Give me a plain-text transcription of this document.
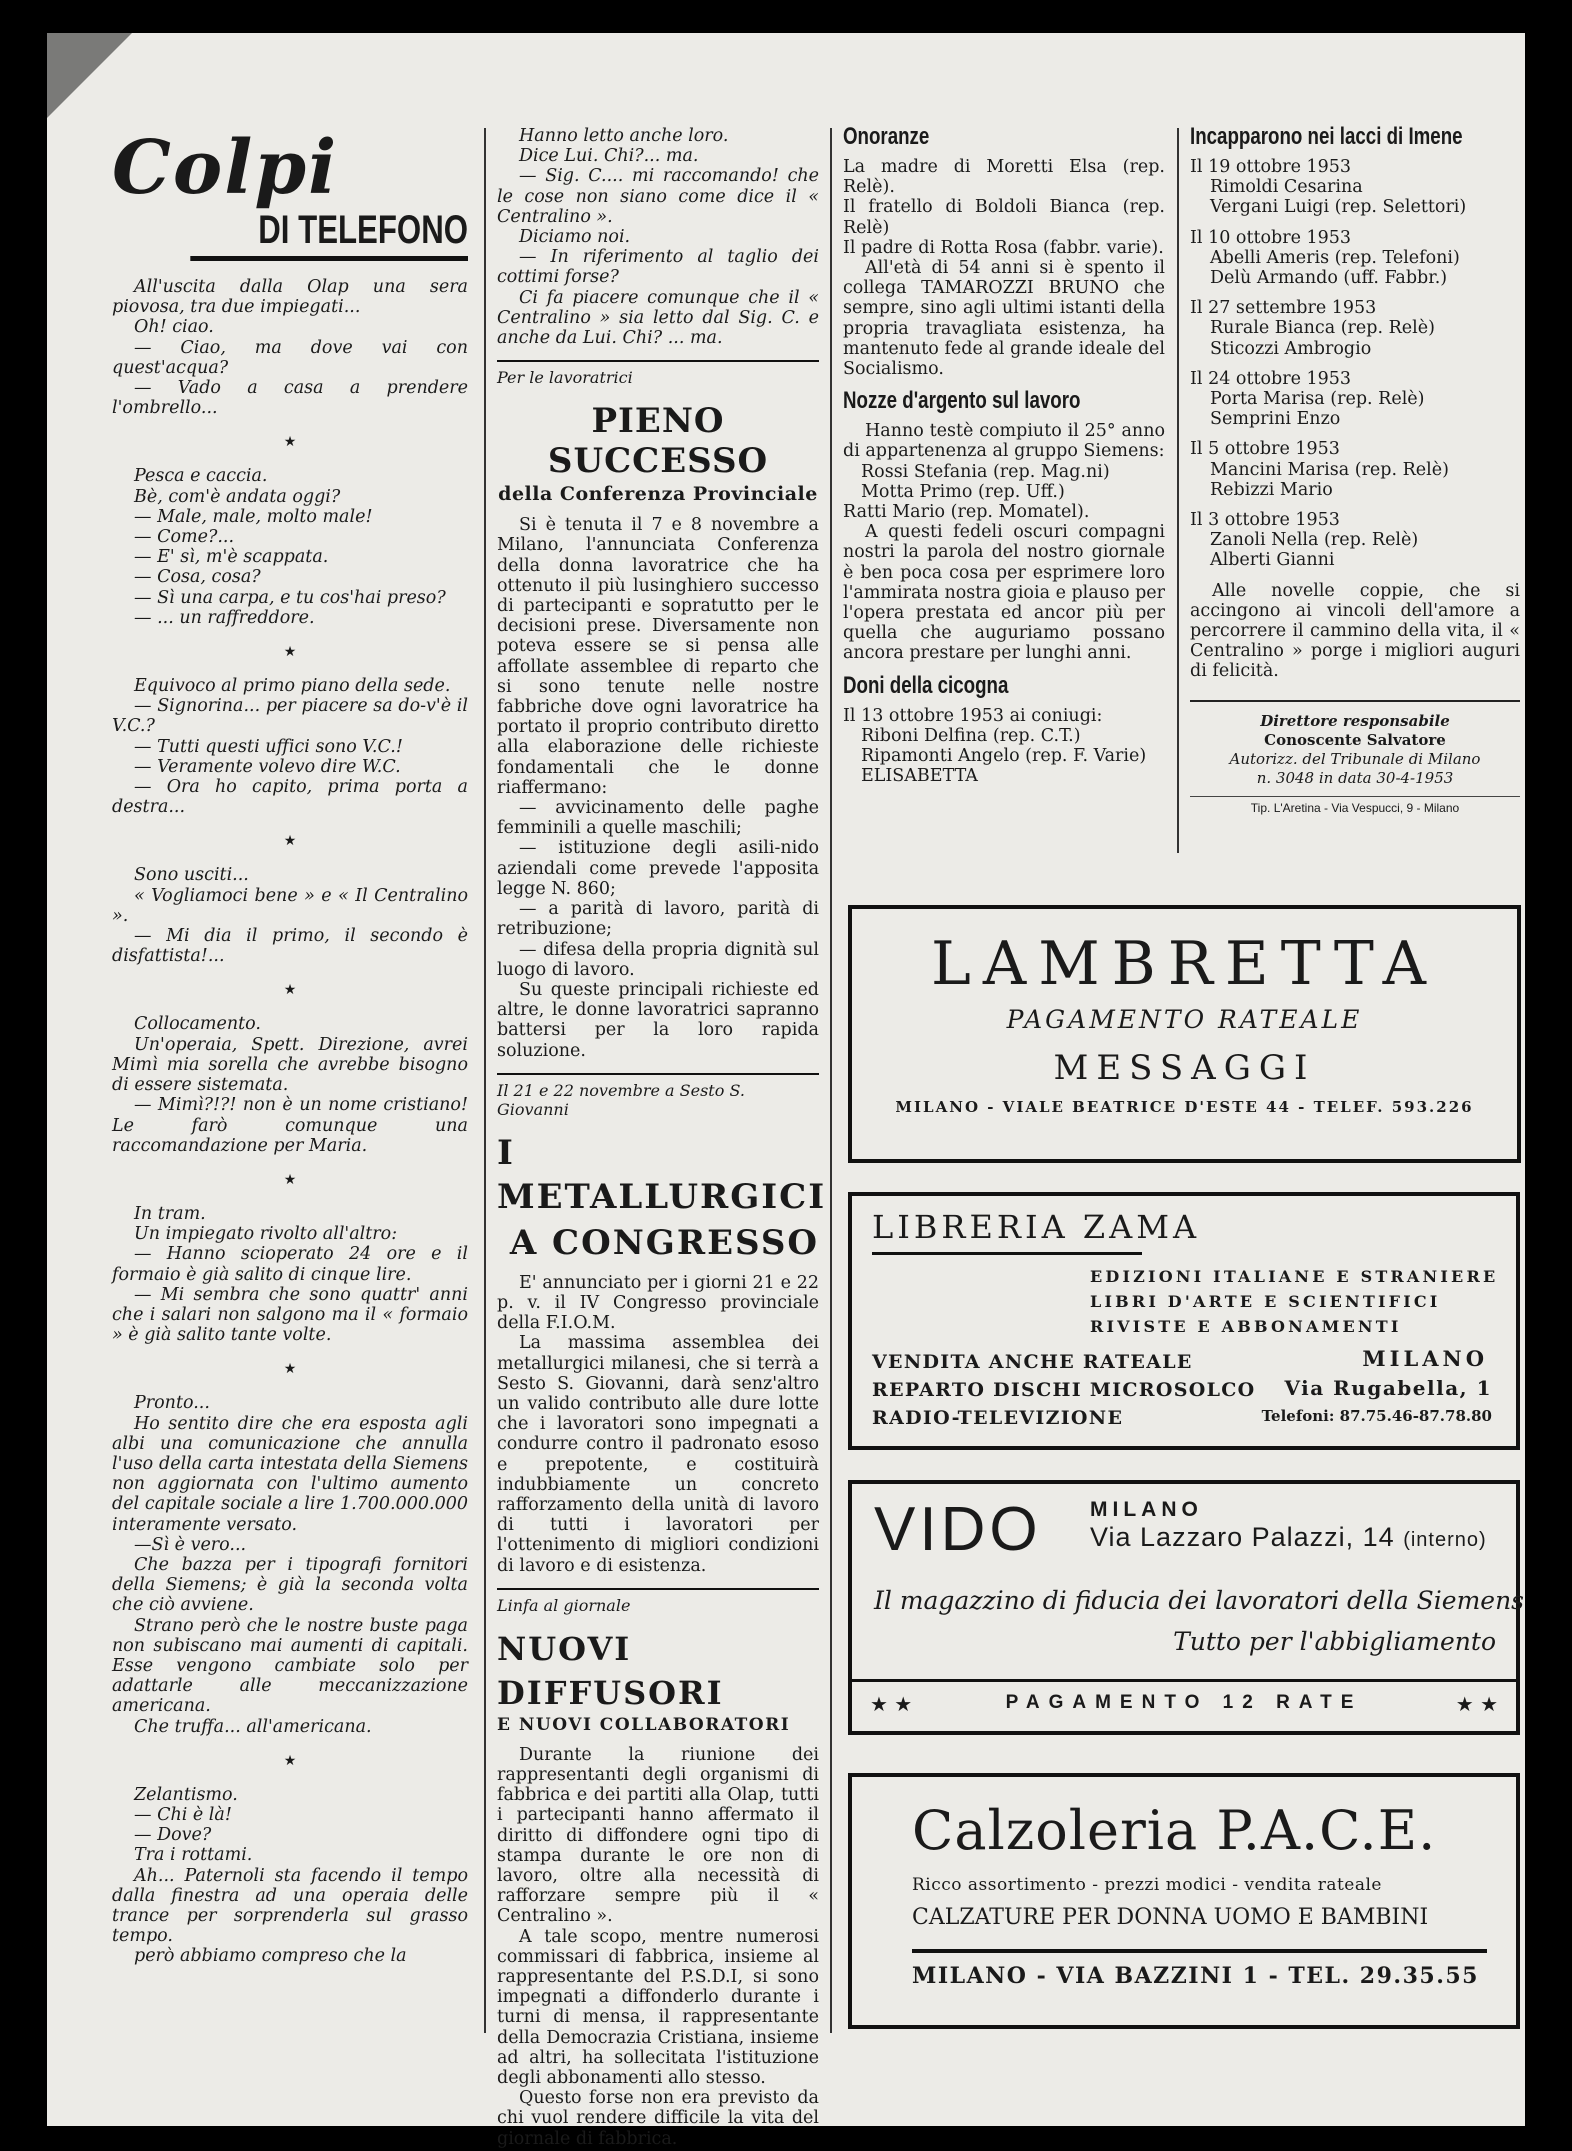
Colpi
DI TELEFONO

All'uscita dalla Olap una sera piovosa, tra due impiegati...

Oh! ciao.

— Ciao, ma dove vai con quest'acqua?

— Vado a casa a prendere l'ombrello...

★

Pesca e caccia.

Bè, com'è andata oggi?

— Male, male, molto male!

— Come?...

— E' sì, m'è scappata.

— Cosa, cosa?

— Sì una carpa, e tu cos'hai preso?

— ... un raffreddore.

★

Equivoco al primo piano della sede.

— Signorina... per piacere sa do-v'è il V.C.?

— Tutti questi uffici sono V.C.!

— Veramente volevo dire W.C.

— Ora ho capito, prima porta a destra...

★

Sono usciti...

« Vogliamoci bene » e « Il Centralino ».

— Mi dia il primo, il secondo è disfattista!...

★

Collocamento.

Un'operaia, Spett. Direzione, avrei Mimì mia sorella che avrebbe bisogno di essere sistemata.

— Mimì?!?! non è un nome cristiano! Le farò comunque una raccomandazione per Maria.

★

In tram.

Un impiegato rivolto all'altro:

— Hanno scioperato 24 ore e il formaio è già salito di cinque lire.

— Mi sembra che sono quattr' anni che i salari non salgono ma il « formaio » è già salito tante volte.

★

Pronto...

Ho sentito dire che era esposta agli albi una comunicazione che annulla l'uso della carta intestata della Siemens non aggiornata con l'ultimo aumento del capitale sociale a lire 1.700.000.000 interamente versato.

—Sì è vero...

Che bazza per i tipografi fornitori della Siemens; è già la seconda volta che ciò avviene.

Strano però che le nostre buste paga non subiscano mai aumenti di capitali. Esse vengono cambiate solo per adattarle alle meccanizzazione americana.

Che truffa... all'americana.

★

Zelantismo.

— Chi è là!

— Dove?

Tra i rottami.

Ah... Paternoli sta facendo il tempo dalla finestra ad una operaia delle trance per sorprenderla sul grasso tempo.

però abbiamo compreso che la

Hanno letto anche loro.

Dice Lui. Chi?... ma.

— Sig. C.... mi raccomando! che le cose non siano come dice il « Centralino ».

Diciamo noi.

— In riferimento al taglio dei cottimi forse?

Ci fa piacere comunque che il « Centralino » sia letto dal Sig. C. e anche da Lui. Chi? ... ma.

Per le lavoratrici
PIENO SUCCESSO
della Conferenza Provinciale

Si è tenuta il 7 e 8 novembre a Milano, l'annunciata Conferenza della donna lavoratrice che ha ottenuto il più lusinghiero successo di partecipanti e sopratutto per le decisioni prese. Diversamente non poteva essere se si pensa alle affollate assemblee di reparto che si sono tenute nelle nostre fabbriche dove ogni lavoratrice ha portato il proprio contributo diretto alla elaborazione delle richieste fondamentali che le donne riaffermano:

— avvicinamento delle paghe femminili a quelle maschili;

— istituzione degli asili-nido aziendali come prevede l'apposita legge N. 860;

— a parità di lavoro, parità di retribuzione;

— difesa della propria dignità sul luogo di lavoro.

Su queste principali richieste ed altre, le donne lavoratrici sapranno battersi per la loro rapida soluzione.

Il 21 e 22 novembre a Sesto S. Giovanni
I METALLURGICI
A CONGRESSO

E' annunciato per i giorni 21 e 22 p. v. il IV Congresso provinciale della F.I.O.M.

La massima assemblea dei metallurgici milanesi, che si terrà a Sesto S. Giovanni, darà senz'altro un valido contributo alle dure lotte che i lavoratori sono impegnati a condurre contro il padronato esoso e prepotente, e costituirà indubbiamente un concreto rafforzamento della unità di lavoro di tutti i lavoratori per l'ottenimento di migliori condizioni di lavoro e di esistenza.

Linfa al giornale
NUOVI DIFFUSORI
E NUOVI COLLABORATORI

Durante la riunione dei rappresentanti degli organismi di fabbrica e dei partiti alla Olap, tutti i partecipanti hanno affermato il diritto di diffondere ogni tipo di stampa durante le ore non di lavoro, oltre alla necessità di rafforzare sempre più il « Centralino ».

A tale scopo, mentre numerosi commissari di fabbrica, insieme al rappresentante del P.S.D.I, si sono impegnati a diffonderlo durante i turni di mensa, il rappresentante della Democrazia Cristiana, insieme ad altri, ha sollecitata l'istituzione degli abbonamenti allo stesso.

Questo forse non era previsto da chi vuol rendere difficile la vita del giornale di fabbrica.

Onoranze

La madre di Moretti Elsa (rep. Relè).

Il fratello di Boldoli Bianca (rep. Relè)

Il padre di Rotta Rosa (fabbr. varie).

All'età di 54 anni si è spento il collega TAMAROZZI BRUNO che sempre, sino agli ultimi istanti della propria travagliata esistenza, ha mantenuto fede al grande ideale del Socialismo.

Nozze d'argento sul lavoro

Hanno testè compiuto il 25° anno di appartenenza al gruppo Siemens:

Rossi Stefania (rep. Mag.ni)

Motta Primo (rep. Uff.)

Ratti Mario (rep. Momatel).

A questi fedeli oscuri compagni nostri la parola del nostro giornale è ben poca cosa per esprimere loro l'ammirata nostra gioia e plauso per l'opera prestata ed ancor più per quella che auguriamo possano ancora prestare per lunghi anni.

Doni della cicogna

Il 13 ottobre 1953 ai coniugi:

Riboni Delfina (rep. C.T.)

Ripamonti Angelo (rep. F. Varie)

ELISABETTA

Incapparono nei lacci di Imene
Il 19 ottobre 1953
Rimoldi Cesarina
Vergani Luigi (rep. Selettori)
Il 10 ottobre 1953
Abelli Ameris (rep. Telefoni)
Delù Armando (uff. Fabbr.)
Il 27 settembre 1953
Rurale Bianca (rep. Relè)
Sticozzi Ambrogio
Il 24 ottobre 1953
Porta Marisa (rep. Relè)
Semprini Enzo
Il 5 ottobre 1953
Mancini Marisa (rep. Relè)
Rebizzi Mario
Il 3 ottobre 1953
Zanoli Nella (rep. Relè)
Alberti Gianni

Alle novelle coppie, che si accingono ai vincoli dell'amore a percorrere il cammino della vita, il « Centralino » porge i migliori auguri di felicità.

Direttore responsabile
Conoscente Salvatore
Autorizz. del Tribunale di Milano
n. 3048 in data 30-4-1953
Tip. L'Aretina - Via Vespucci, 9 - Milano
LAMBRETTA
PAGAMENTO RATEALE
MESSAGGI
MILANO - VIALE BEATRICE D'ESTE 44 - TELEF. 593.226
LIBRERIA ZAMA
EDIZIONI ITALIANE E STRANIERE
LIBRI D'ARTE E SCIENTIFICI
RIVISTE E ABBONAMENTI
VENDITA ANCHE RATEALE
REPARTO DISCHI MICROSOLCO
RADIO-TELEVIZIONE
MILANO
Via Rugabella, 1
Telefoni: 87.75.46-87.78.80
VIDO MILANO
Via Lazzaro Palazzi, 14 (interno)
Il magazzino di fiducia dei lavoratori della Siemens
Tutto per l'abbigliamento
★ ★	PAGAMENTO 12 RATE	★ ★
Calzoleria P.A.C.E.
Ricco assortimento - prezzi modici - vendita rateale
CALZATURE PER DONNA UOMO E BAMBINI
MILANO - VIA BAZZINI 1 - TEL. 29.35.55
